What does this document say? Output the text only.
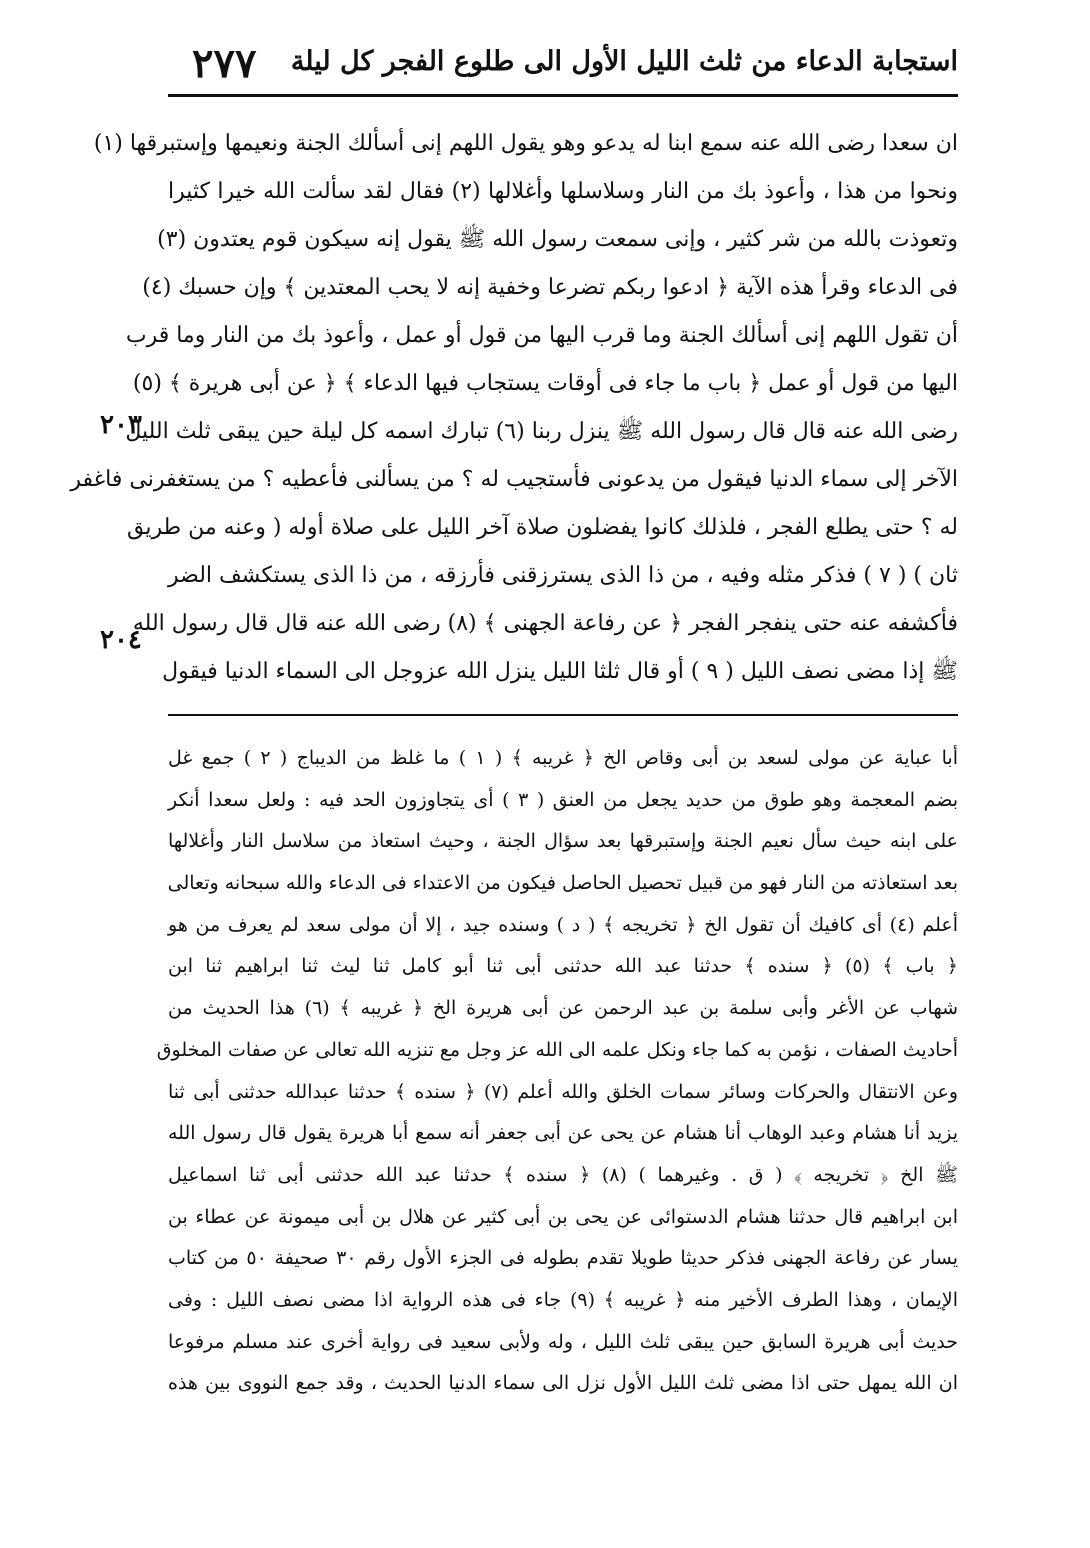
استجابة الدعاء من ثلث الليل الأول الى طلوع الفجر كل ليلة
٢٧٧
٢٠٣
٢٠٤
ان سعدا رضى الله عنه سمع ابنا له يدعو وهو يقول اللهم إنى أسألك الجنة ونعيمها وإستبرقها (١)
ونحوا من هذا ، وأعوذ بك من النار وسلاسلها وأغلالها (٢) فقال لقد سألت الله خيرا كثيرا
وتعوذت بالله من شر كثير ، وإنى سمعت رسول الله ﷺ يقول إنه سيكون قوم يعتدون (٣)
فى الدعاء وقرأ هذه الآية ﴿ ادعوا ربكم تضرعا وخفية إنه لا يحب المعتدين ﴾ وإن حسبك (٤)
أن تقول اللهم إنى أسألك الجنة وما قرب اليها من قول أو عمل ، وأعوذ بك من النار وما قرب
اليها من قول أو عمل ﴿ باب ما جاء فى أوقات يستجاب فيها الدعاء ﴾ ﴿ عن أبى هريرة ﴾ (٥)
رضى الله عنه قال قال رسول الله ﷺ ينزل ربنا (٦) تبارك اسمه كل ليلة حين يبقى ثلث الليل
الآخر إلى سماء الدنيا فيقول من يدعونى فأستجيب له ؟ من يسألنى فأعطيه ؟ من يستغفرنى فاغفر
له ؟ حتى يطلع الفجر ، فلذلك كانوا يفضلون صلاة آخر الليل على صلاة أوله ( وعنه من طريق
ثان ) ( ٧ ) فذكر مثله وفيه ، من ذا الذى يسترزقنى فأرزقه ، من ذا الذى يستكشف الضر
فأكشفه عنه حتى ينفجر الفجر ﴿ عن رفاعة الجهنى ﴾ (٨) رضى الله عنه قال قال رسول الله
ﷺ إذا مضى نصف الليل ( ٩ ) أو قال ثلثا الليل ينزل الله عزوجل الى السماء الدنيا فيقول
أبا عباية عن مولى لسعد بن أبى وقاص الخ ﴿ غريبه ﴾ ( ١ ) ما غلظ من الديباج ( ٢ ) جمع غل
بضم المعجمة وهو طوق من حديد يجعل من العنق ( ٣ ) أى يتجاوزون الحد فيه : ولعل سعدا أنكر
على ابنه حيث سأل نعيم الجنة وإستبرقها بعد سؤال الجنة ، وحيث استعاذ من سلاسل النار وأغلالها
بعد استعاذته من النار فهو من قبيل تحصيل الحاصل فيكون من الاعتداء فى الدعاء والله سبحانه وتعالى
أعلم (٤) أى كافيك أن تقول الخ ﴿ تخريجه ﴾ ( د ) وسنده جيد ، إلا أن مولى سعد لم يعرف من هو
﴿ باب ﴾ (٥) ﴿ سنده ﴾ حدثنا عبد الله حدثنى أبى ثنا أبو كامل ثنا ليث ثنا ابراهيم ثنا ابن
شهاب عن الأغر وأبى سلمة بن عبد الرحمن عن أبى هريرة الخ ﴿ غريبه ﴾ (٦) هذا الحديث من
أحاديث الصفات ، نؤمن به كما جاء ونكل علمه الى الله عز وجل مع تنزيه الله تعالى عن صفات المخلوق
وعن الانتقال والحركات وسائر سمات الخلق والله أعلم (٧) ﴿ سنده ﴾ حدثنا عبدالله حدثنى أبى ثنا
يزيد أنا هشام وعبد الوهاب أنا هشام عن يحى عن أبى جعفر أنه سمع أبا هريرة يقول قال رسول الله
ﷺ الخ ﴿ تخريجه ﴾ ( ق . وغيرهما ) (٨) ﴿ سنده ﴾ حدثنا عبد الله حدثنى أبى ثنا اسماعيل
ابن ابراهيم قال حدثنا هشام الدستوائى عن يحى بن أبى كثير عن هلال بن أبى ميمونة عن عطاء بن
يسار عن رفاعة الجهنى فذكر حديثا طويلا تقدم بطوله فى الجزء الأول رقم ٣٠ صحيفة ٥٠ من كتاب
الإيمان ، وهذا الطرف الأخير منه ﴿ غريبه ﴾ (٩) جاء فى هذه الرواية اذا مضى نصف الليل : وفى
حديث أبى هريرة السابق حين يبقى ثلث الليل ، وله ولأبى سعيد فى رواية أخرى عند مسلم مرفوعا
ان الله يمهل حتى اذا مضى ثلث الليل الأول نزل الى سماء الدنيا الحديث ، وقد جمع النووى بين هذه
